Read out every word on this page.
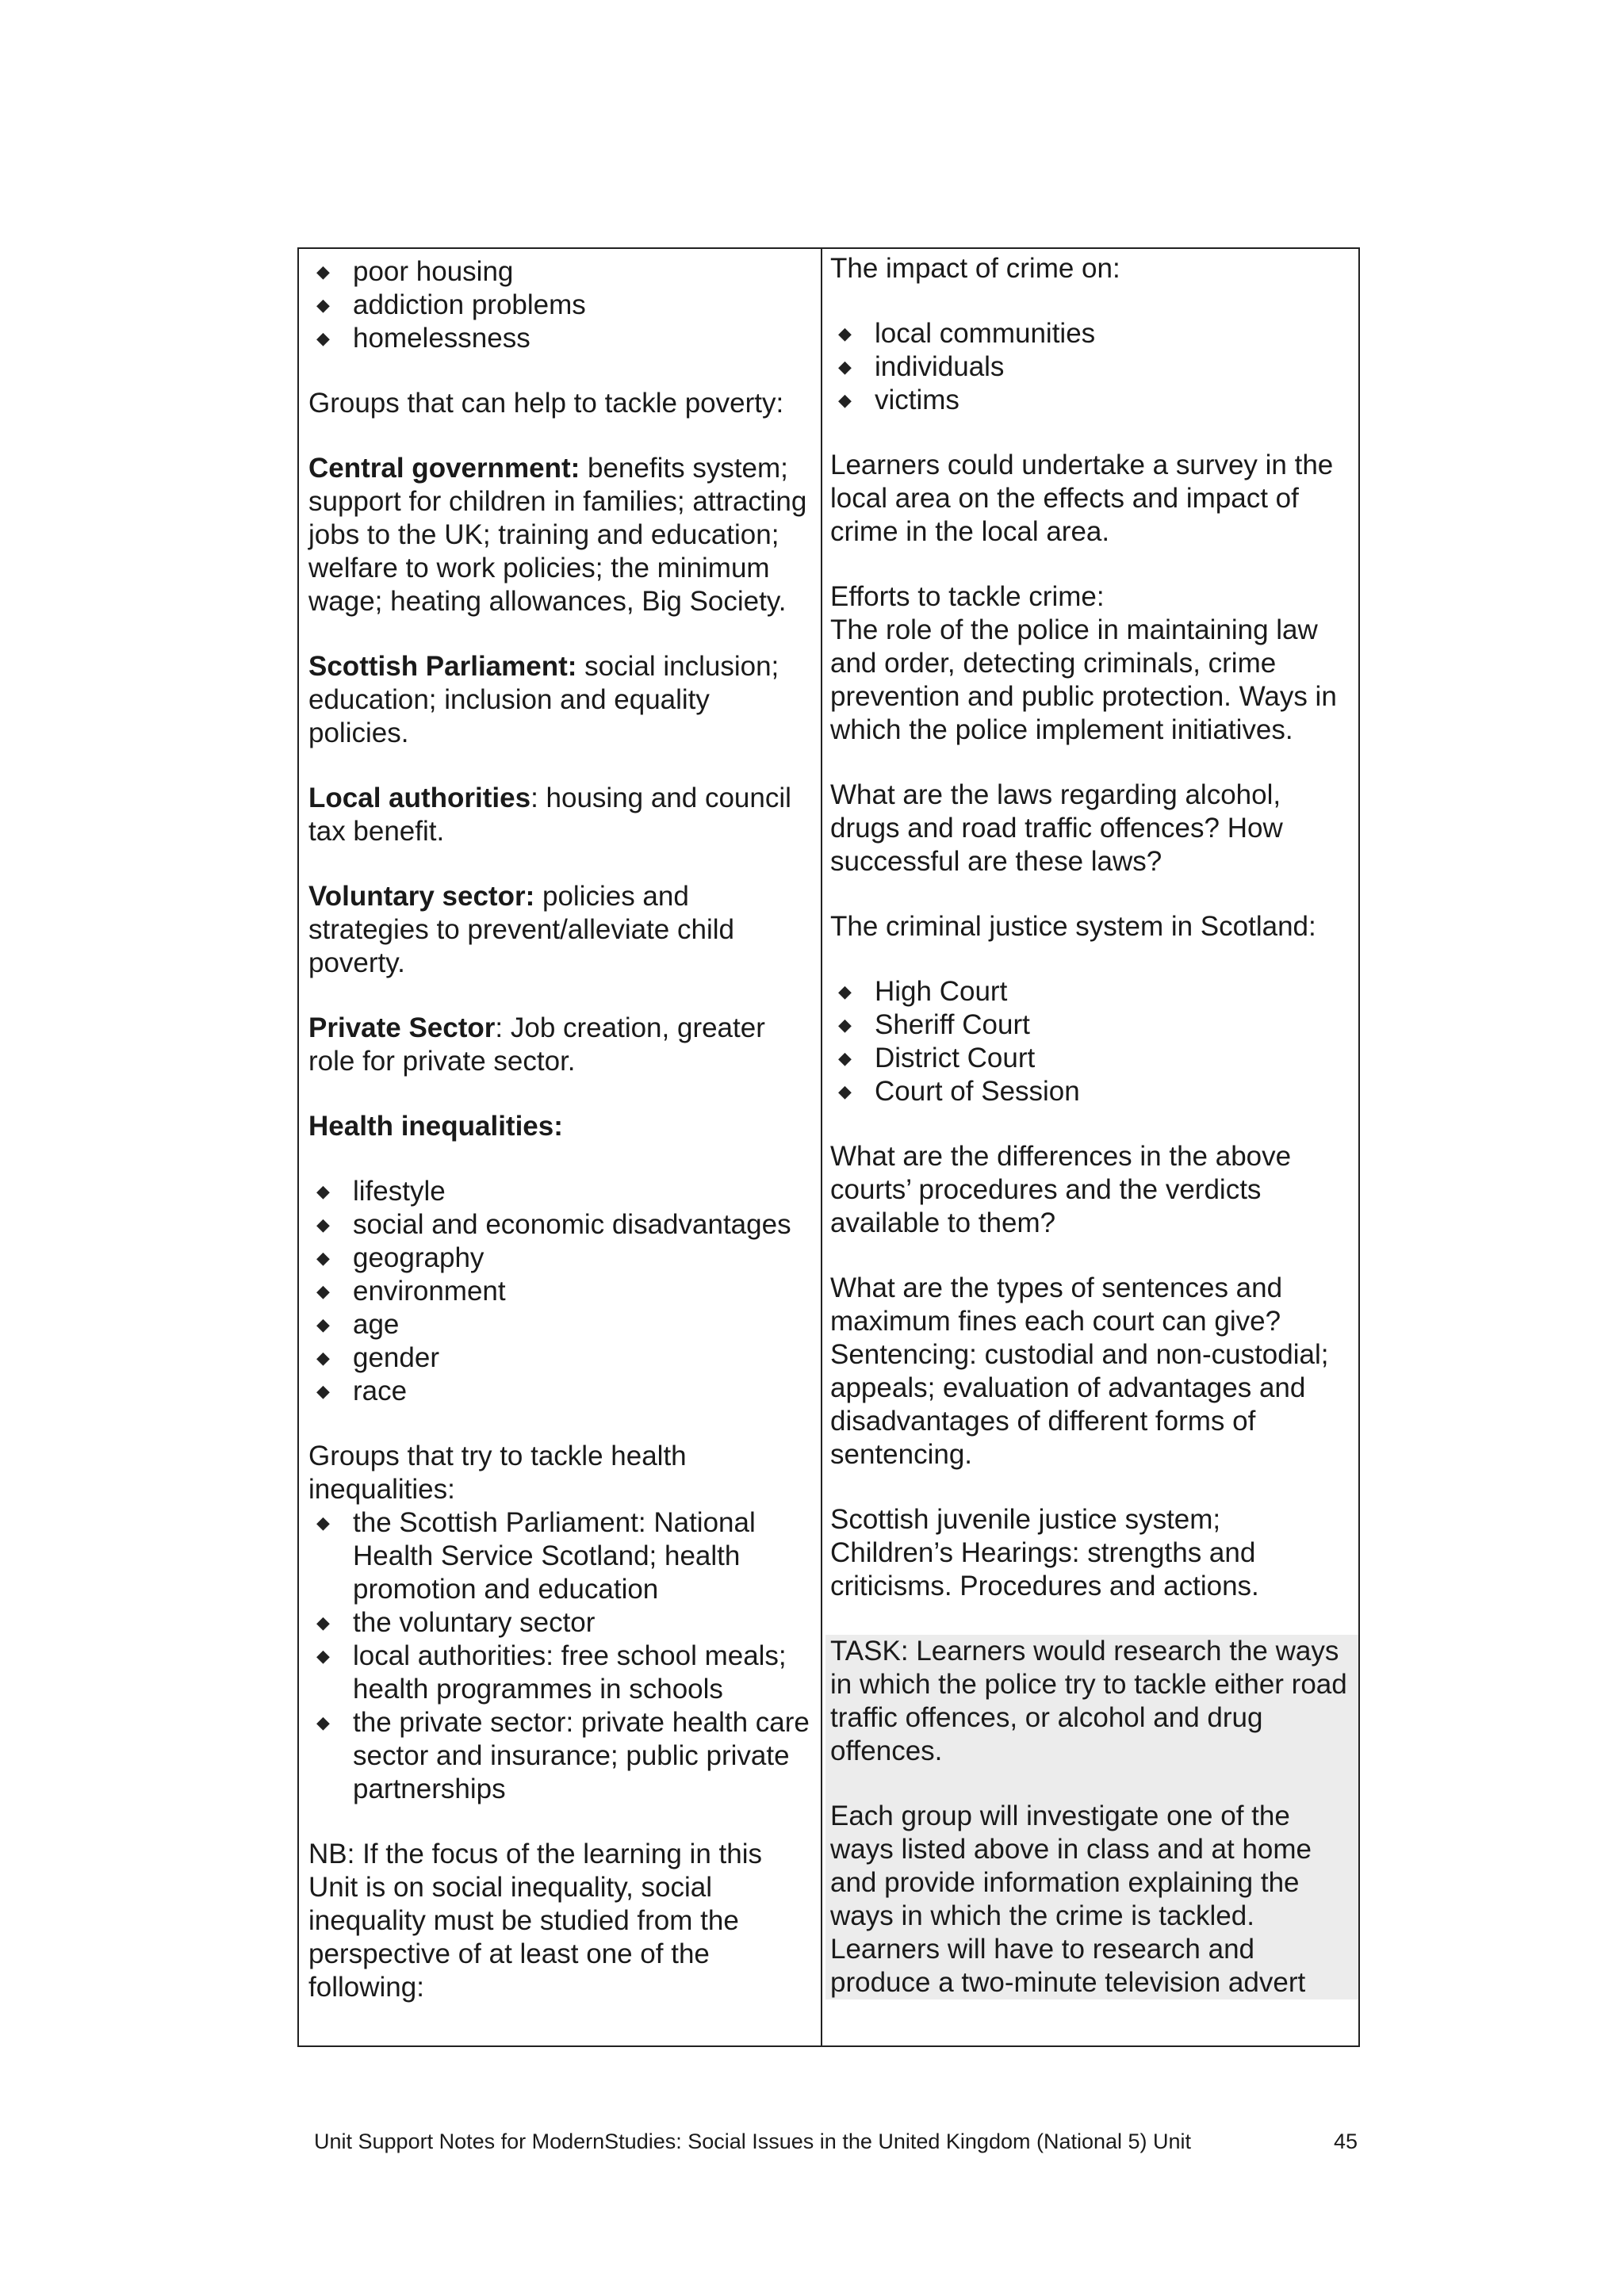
◆ poor housing
◆ addiction problems
◆ homelessness

Groups that can help to tackle poverty:

Central government: benefits system; support for children in families; attracting jobs to the UK; training and education; welfare to work policies; the minimum wage; heating allowances, Big Society.

Scottish Parliament: social inclusion; education; inclusion and equality policies.

Local authorities: housing and council tax benefit.

Voluntary sector: policies and strategies to prevent/alleviate child poverty.

Private Sector: Job creation, greater role for private sector.

Health inequalities:

◆ lifestyle
◆ social and economic disadvantages
◆ geography
◆ environment
◆ age
◆ gender
◆ race

Groups that try to tackle health inequalities:

◆ the Scottish Parliament: National Health Service Scotland; health promotion and education
◆ the voluntary sector
◆ local authorities: free school meals; health programmes in schools
◆ the private sector: private health care sector and insurance; public private partnerships

NB: If the focus of the learning in this Unit is on social inequality, social inequality must be studied from the perspective of at least one of the following:

The impact of crime on:

◆ local communities
◆ individuals
◆ victims

Learners could undertake a survey in the local area on the effects and impact of crime in the local area.

Efforts to tackle crime:

The role of the police in maintaining law and order, detecting criminals, crime prevention and public protection. Ways in which the police implement initiatives.

What are the laws regarding alcohol, drugs and road traffic offences? How successful are these laws?

The criminal justice system in Scotland:

◆ High Court
◆ Sheriff Court
◆ District Court
◆ Court of Session

What are the differences in the above courts’ procedures and the verdicts available to them?

What are the types of sentences and maximum fines each court can give? Sentencing: custodial and non-custodial; appeals; evaluation of advantages and disadvantages of different forms of sentencing.

Scottish juvenile justice system; Children’s Hearings: strengths and criticisms. Procedures and actions.

TASK: Learners would research the ways in which the police try to tackle either road traffic offences, or alcohol and drug offences.

Each group will investigate one of the ways listed above in class and at home and provide information explaining the ways in which the crime is tackled. Learners will have to research and produce a two-minute television advert

Unit Support Notes for ModernStudies: Social Issues in the United Kingdom (National 5) Unit	45
